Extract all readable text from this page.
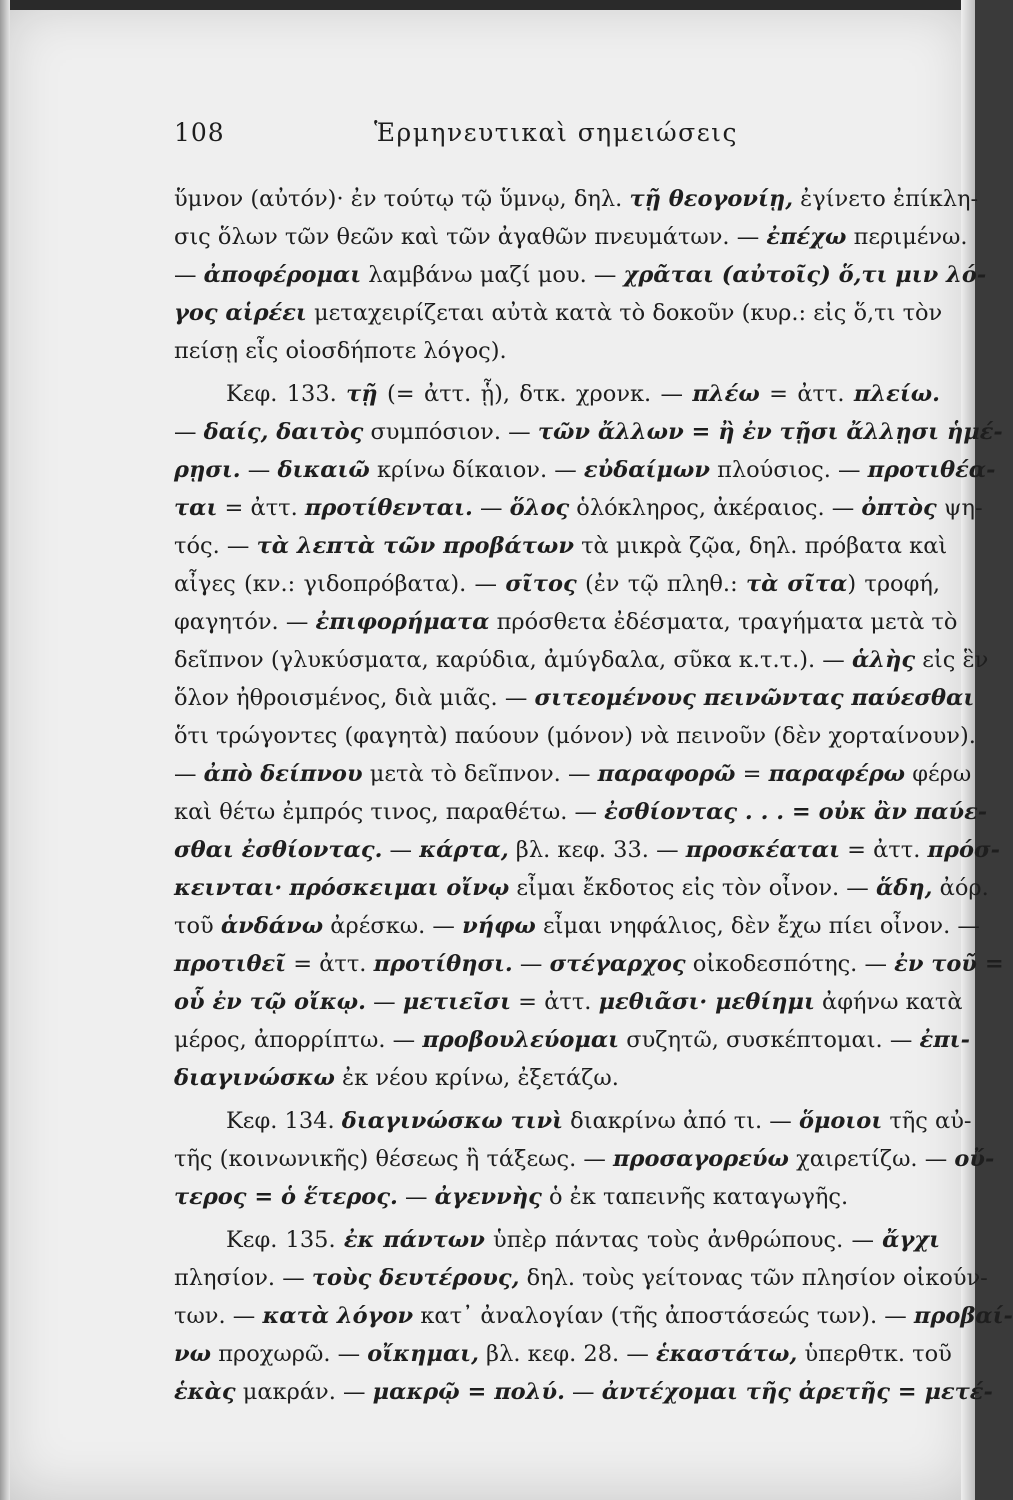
108	Ἑρμηνευτικαὶ σημειώσεις
ὕμνον (αὐτόν)· ἐν τούτῳ τῷ ὕμνῳ, δηλ. τῇ θεογονίῃ, ἐγίνετο ἐπίκλη-
σις ὅλων τῶν θεῶν καὶ τῶν ἀγαθῶν πνευμάτων. — ἐπέχω περιμένω.
— ἀποφέρομαι λαμβάνω μαζί μου. — χρᾶται (αὐτοῖς) ὅ,τι μιν λό-
γος αἱρέει μεταχειρίζεται αὐτὰ κατὰ τὸ δοκοῦν (κυρ.: εἰς ὅ,τι τὸν
πείσῃ εἷς οἱοσδήποτε λόγος).
Κεφ. 133. τῇ (= ἀττ. ᾗ), δτκ. χρονκ. — πλέω = ἀττ. πλείω.
— δαίς, δαιτὸς συμπόσιον. — τῶν ἄλλων = ἢ ἐν τῇσι ἄλλῃσι ἡμέ-
ρῃσι. — δικαιῶ κρίνω δίκαιον. — εὐδαίμων πλούσιος. — προτιθέα-
ται = ἀττ. προτίθενται. — ὅλος ὁλόκληρος, ἀκέραιος. — ὀπτὸς ψη-
τός. — τὰ λεπτὰ τῶν προβάτων τὰ μικρὰ ζῷα, δηλ. πρόβατα καὶ
αἶγες (κν.: γιδοπρόβατα). — σῖτος (ἐν τῷ πληθ.: τὰ σῖτα) τροφή,
φαγητόν. — ἐπιφορήματα πρόσθετα ἐδέσματα, τραγήματα μετὰ τὸ
δεῖπνον (γλυκύσματα, καρύδια, ἀμύγδαλα, σῦκα κ.τ.τ.). — ἁλὴς εἰς ἓν
ὅλον ἠθροισμένος, διὰ μιᾶς. — σιτεομένους πεινῶντας παύεσθαι
ὅτι τρώγοντες (φαγητὰ) παύουν (μόνον) νὰ πεινοῦν (δὲν χορταίνουν).
— ἀπὸ δείπνου μετὰ τὸ δεῖπνον. — παραφορῶ = παραφέρω φέρω
καὶ θέτω ἐμπρός τινος, παραθέτω. — ἐσθίοντας . . . = οὐκ ἂν παύε-
σθαι ἐσθίοντας. — κάρτα, βλ. κεφ. 33. — προσκέαται = ἀττ. πρόσ-
κεινται· πρόσκειμαι οἴνῳ εἶμαι ἔκδοτος εἰς τὸν οἶνον. — ἅδη, ἀόρ.
τοῦ ἁνδάνω ἀρέσκω. — νήφω εἶμαι νηφάλιος, δὲν ἔχω πίει οἶνον. —
προτιθεῖ = ἀττ. προτίθησι. — στέγαρχος οἰκοδεσπότης. — ἐν τοῦ =
οὗ ἐν τῷ οἴκῳ. — μετιεῖσι = ἀττ. μεθιᾶσι· μεθίημι ἀφήνω κατὰ
μέρος, ἀπορρίπτω. — προβουλεύομαι συζητῶ, συσκέπτομαι. — ἐπι-
διαγινώσκω ἐκ νέου κρίνω, ἐξετάζω.
Κεφ. 134. διαγινώσκω τινὶ διακρίνω ἀπό τι. — ὅμοιοι τῆς αὐ-
τῆς (κοινωνικῆς) θέσεως ἢ τάξεως. — προσαγορεύω χαιρετίζω. — οὔ-
τερος = ὁ ἕτερος. — ἀγεννὴς ὁ ἐκ ταπεινῆς καταγωγῆς.
Κεφ. 135. ἐκ πάντων ὑπὲρ πάντας τοὺς ἀνθρώπους. — ἄγχι
πλησίον. — τοὺς δευτέρους, δηλ. τοὺς γείτονας τῶν πλησίον οἰκούν-
των. — κατὰ λόγον κατ᾽ ἀναλογίαν (τῆς ἀποστάσεώς των). — προβαί-
νω προχωρῶ. — οἴκημαι, βλ. κεφ. 28. — ἑκαστάτω, ὑπερθτκ. τοῦ
ἑκὰς μακράν. — μακρῷ = πολύ. — ἀντέχομαι τῆς ἀρετῆς = μετέ-
